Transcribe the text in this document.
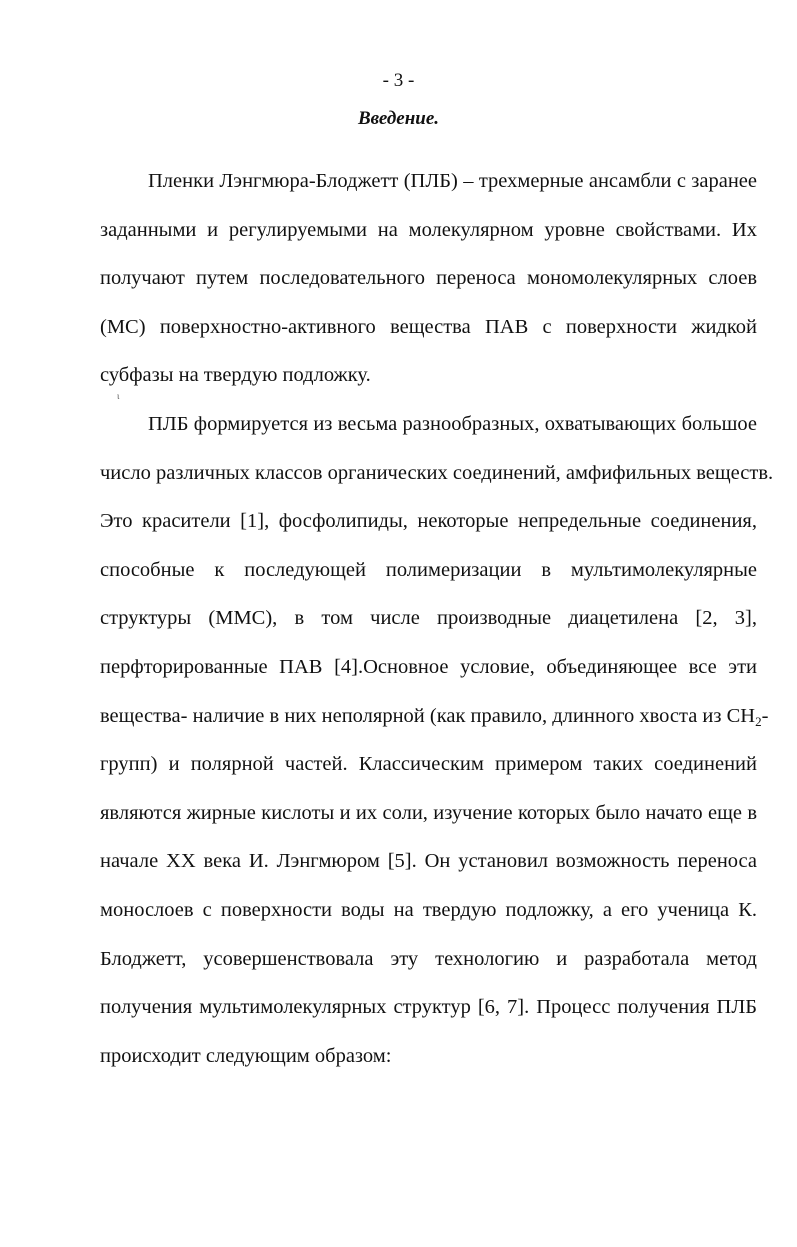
- 3 -
Введение.
ι
Пленки Лэнгмюра-Блоджетт (ПЛБ) – трехмерные ансамбли с заранее
заданными и регулируемыми на молекулярном уровне свойствами. Их
получают путем последовательного переноса мономолекулярных слоев
(МС) поверхностно-активного вещества ПАВ с поверхности жидкой
субфазы на твердую подложку.
ПЛБ формируется из весьма разнообразных, охватывающих большое
число различных классов органических соединений, амфифильных веществ.
Это красители [1], фосфолипиды, некоторые непредельные соединения,
способные к последующей полимеризации в мультимолекулярные
структуры (ММС), в том числе производные диацетилена [2, 3],
перфторированные ПАВ [4].Основное условие, объединяющее все эти
вещества- наличие в них неполярной (как правило, длинного хвоста из $CH_2-$
групп) и полярной частей. Классическим примером таких соединений
являются жирные кислоты и их соли, изучение которых было начато еще в
начале XX века И. Лэнгмюром [5]. Он установил возможность переноса
монослоев с поверхности воды на твердую подложку, а его ученица К.
Блоджетт, усовершенствовала эту технологию и разработала метод
получения мультимолекулярных структур [6, 7]. Процесс получения ПЛБ
происходит следующим образом:
